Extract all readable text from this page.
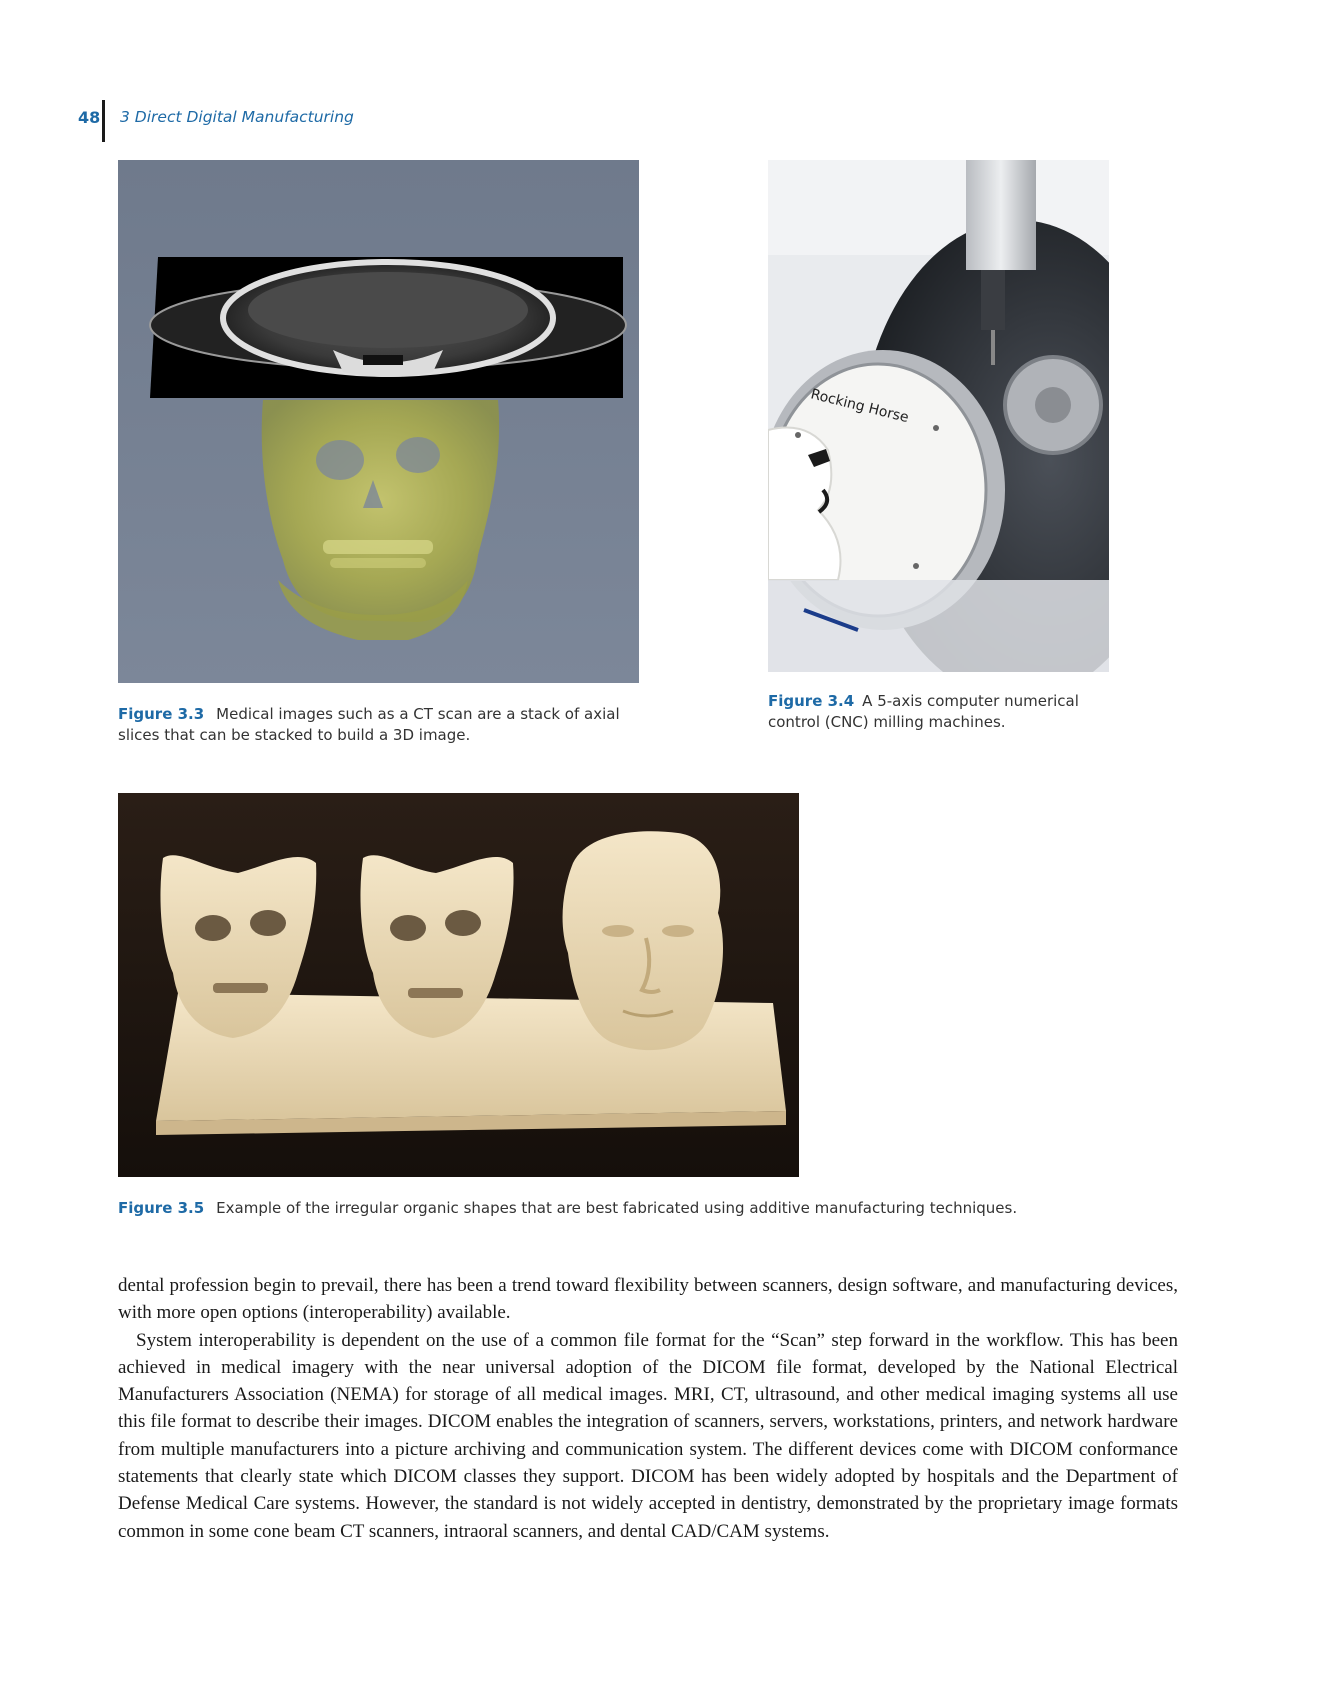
48 3 Direct Digital Manufacturing
Rocking Horse
Figure 3.3 Medical images such as a CT scan are a stack of axial slices that can be stacked to build a 3D image.
Figure 3.4 A 5-axis computer numerical control (CNC) milling machines.
Figure 3.5 Example of the irregular organic shapes that are best fabricated using additive manufacturing techniques.

dental profession begin to prevail, there has been a trend toward flexibility between scanners, design software, and manufacturing devices, with more open options (interoperability) available.

System interoperability is dependent on the use of a common file format for the “Scan” step forward in the workflow. This has been achieved in medical imagery with the near universal adoption of the DICOM file format, developed by the National Electrical Manufacturers Association (NEMA) for storage of all medical images. MRI, CT, ultrasound, and other medical imaging systems all use this file format to describe their images. DICOM enables the integration of scanners, servers, workstations, printers, and network hardware from multiple manufacturers into a picture archiving and communication system. The different devices come with DICOM conformance statements that clearly state which DICOM classes they support. DICOM has been widely adopted by hospitals and the Department of Defense Medical Care systems. However, the standard is not widely accepted in dentistry, demonstrated by the proprietary image formats common in some cone beam CT scanners, intraoral scanners, and dental CAD/CAM systems.
